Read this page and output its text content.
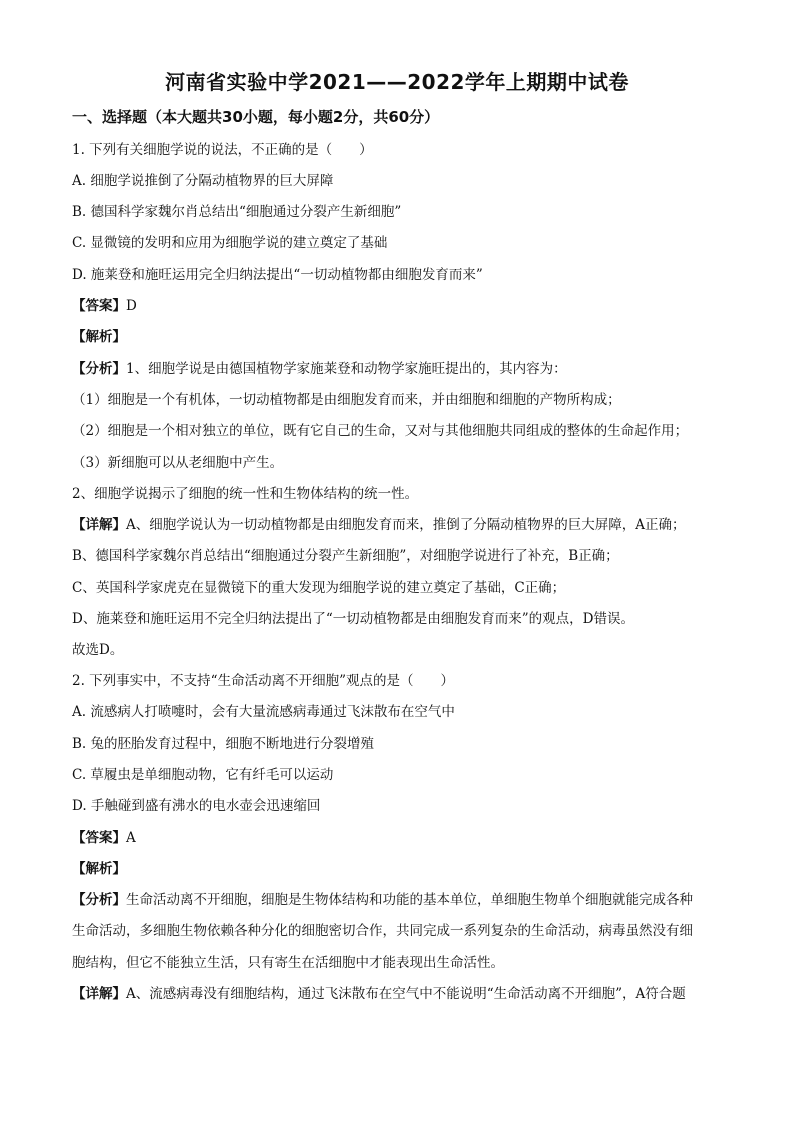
河南省实验中学2021——2022学年上期期中试卷
一、选择题（本大题共30小题，每小题2分，共60分）
1. 下列有关细胞学说的说法，不正确的是（　　）
A. 细胞学说推倒了分隔动植物界的巨大屏障
B. 德国科学家魏尔肖总结出“细胞通过分裂产生新细胞”
C. 显微镜的发明和应用为细胞学说的建立奠定了基础
D. 施莱登和施旺运用完全归纳法提出“一切动植物都由细胞发育而来”
【答案】D
【解析】
【分析】1、细胞学说是由德国植物学家施莱登和动物学家施旺提出的，其内容为：
（1）细胞是一个有机体，一切动植物都是由细胞发育而来，并由细胞和细胞的产物所构成；
（2）细胞是一个相对独立的单位，既有它自己的生命，又对与其他细胞共同组成的整体的生命起作用；
（3）新细胞可以从老细胞中产生。
2、细胞学说揭示了细胞的统一性和生物体结构的统一性。
【详解】A、细胞学说认为一切动植物都是由细胞发育而来，推倒了分隔动植物界的巨大屏障，A正确；
B、德国科学家魏尔肖总结出“细胞通过分裂产生新细胞”，对细胞学说进行了补充，B正确；
C、英国科学家虎克在显微镜下的重大发现为细胞学说的建立奠定了基础，C正确；
D、施莱登和施旺运用不完全归纳法提出了“一切动植物都是由细胞发育而来”的观点，D错误。
故选D。
2. 下列事实中，不支持“生命活动离不开细胞”观点的是（　　）
A. 流感病人打喷嚏时，会有大量流感病毒通过飞沫散布在空气中
B. 兔的胚胎发育过程中，细胞不断地进行分裂增殖
C. 草履虫是单细胞动物，它有纤毛可以运动
D. 手触碰到盛有沸水的电水壶会迅速缩回
【答案】A
【解析】
【分析】生命活动离不开细胞，细胞是生物体结构和功能的基本单位，单细胞生物单个细胞就能完成各种
生命活动，多细胞生物依赖各种分化的细胞密切合作，共同完成一系列复杂的生命活动，病毒虽然没有细
胞结构，但它不能独立生活，只有寄生在活细胞中才能表现出生命活性。
【详解】A、流感病毒没有细胞结构，通过飞沫散布在空气中不能说明“生命活动离不开细胞”，A符合题
